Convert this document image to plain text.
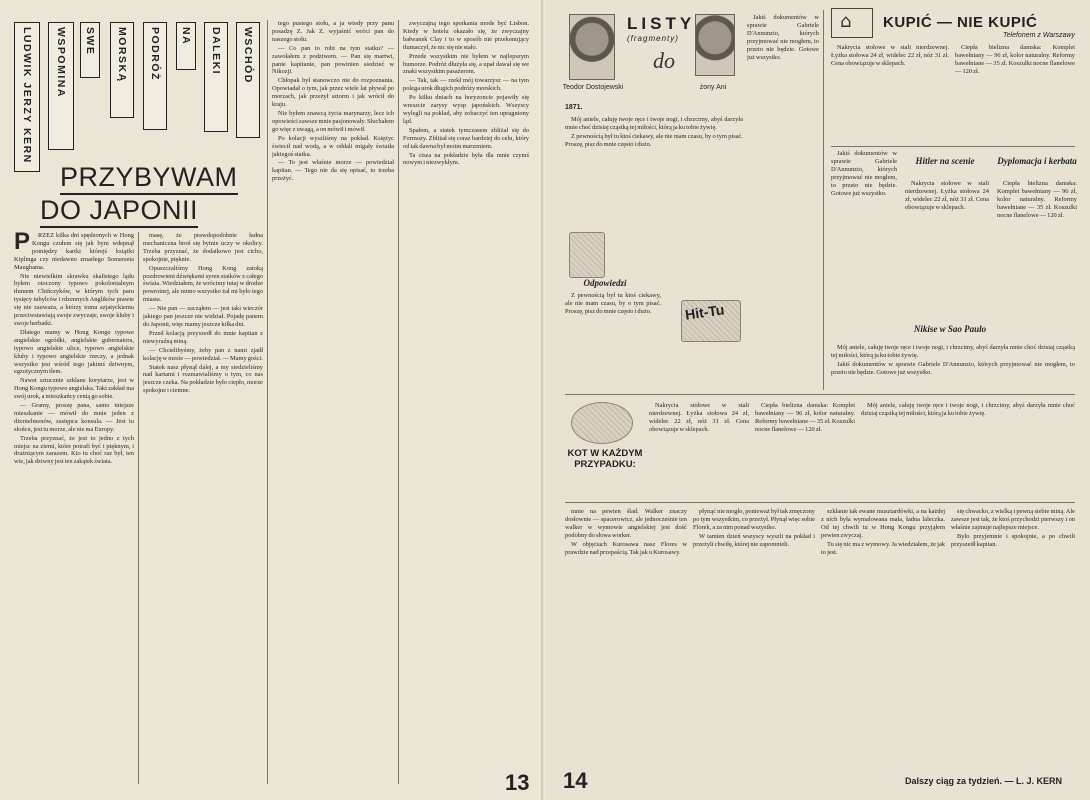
LUDWIK JERZY KERN WSPOMINA SWE MORSKĄ PODRÓŻ NA DALEKI WSCHÓD
PRZYBYWAM
DO JAPONII
P	RZEZ kilka dni spędzonych w Hong Kongu czułem się jak bym wdepnął pomiędzy kartki którejś książki Kiplinga czy niedawno zmarłego Somerseta Maughama.

Nie niewielkim skrawku skalistego lądu byłem otoczony typowo pokolonialnym tłumem Chińczyków, w którym tych paru tysięcy tubylców i rdzennych Anglików prawie się nie zauważa, a którzy tomu azjatyckiemu przeciwstawiają swoje zwyczaje, swoje kluby i swoje herbatki.

Dlatego mamy w Hong Kongu typowe angielskie ogródki, angielskie gubernatora, typowo angielskie ulice, typowo angielskie kluby i typowo angielskie rzeczy, a jednak wszystko jest wśród tego jakimś dziwnym, egzotycznym tłem.

Nawet sztucznie szklane korytarze, jest w Hong Kongu typowo angielska. Taki zakład ma swój urok, a mieszkańcy cenią go sobie.

— Gramy, proszę pana, samo tutejsze mieszkanie — mówił do mnie jeden z dżentelmenów, zastępca konsula. — Jest tu słońcu, jest tu morze, ale nie ma Europy.

Trzeba przyznać, że jest to jedno z tych miejsc na ziemi, które potrafi być i pięknym, i drażniącym zarazem. Kto tu choć raz był, ten wie, jak dziwny jest ten zakątek świata.

masę, że prawdopodobnie ładna mechaniczna broń się bytnie uczy w okolicy. Trzeba przyznać, że dodatkowo jest cicho, spokojnie, pięknie.

Opuszczaliśmy Hong Kong zatoką pozdrowieni dźwiękami syren statków z całego świata. Wiedziałem, że wrócimy tutaj w drodze powrotnej, ale mimo wszystko żal mi było tego miasta.

— Nie pan — zacząłem — jest taki wieczór jakiego pan jeszcze nie widział. Pojadę panem do Japonii, więc mamy jeszcze kilka dni.

Przed kolacją przyszedł do mnie kapitan z niewyraźną miną.

— Chcielibyśmy, żeby pan z nami zjadł kolację w mesie — powiedział. — Mamy gości.

Statek nasz płynął dalej, a my siedzieliśmy nad kartami i rozmawialiśmy o tym, co nas jeszcze czeka. Na pokładzie było ciepło, morze spokojne i ciemne.

tego pustego stołu, a ja wtedy przy panu posadzę Z. Jak Z. wyjaśnić wróci pan do naszego stołu.

— Co pan to robi na tym statku? — zawołałem z podziwem. — Pan się martwi, panie kapitanie, pan powinien siedzieć w Nikozji.

Chłopak był stanowczo nie do rozpoznania. Opowiadał o tym, jak przez wiele lat pływał po morzach, jak przeżył sztorm i jak wrócił do kraju.

Nie byłem znawcą życia marynarzy, lecz ich opowieści zawsze mnie pasjonowały. Słuchałem go więc z uwagą, a on mówił i mówił.

Po kolacji wyszliśmy na pokład. Księżyc świecił nad wodą, a w oddali migały światła jakiegoś statku.

— To jest właśnie morze — powiedział kapitan. — Tego nie da się opisać, to trzeba przeżyć.

zwyczajną tego spotkania mode być Lisbon. Kiedy w hotelu okazało się, że zwyczajny bałwanek Clay i to w sposób nie przekonujący tłumaczył, że nic się nie stało.

Przede wszystkim nie byłem w najlepszym humorze. Podróż dłużyła się, a upał dawał się we znaki wszystkim pasażerom.

— Tak, tak — rzekł mój towarzysz — na tym polega urok długich podróży morskich.

Po kilku dniach na horyzoncie pojawiły się wreszcie zarysy wysp japońskich. Wszyscy wylegli na pokład, aby zobaczyć ten upragniony ląd.

Spałem, a statek tymczasem zbliżał się do Formozy. Zbliżał się coraz bardziej do celu, który od tak dawna był moim marzeniem.

Ta cisza na pokładzie była dla mnie czymś nowym i niezwykłym.

13
LISTY
(fragmenty)
do
Teodor Dostojewski	żony Ani
1871.

Mój aniele, całuję twoje ręce i twoje nogi, i chrzcimy, abyś darzyła mnie choć dzisiaj cząstką tej miłości, którą ja ku tobie żywię.

Z pewnością był tu ktoś ciekawy, ale nie mam czasu, by o tym pisać. Proszę, pisz do mnie często i dużo.

Jakiś dokumentów w sprawie Gabriele D'Annunzio, których przyjmować nie mogłem, to przeto nie będzie. Gotowe już wszystko.

Odpowiedzi

Z pewnością był tu ktoś ciekawy, ale nie mam czasu, by o tym pisać. Proszę, pisz do mnie często i dużo.	Hit-Tu
⌂ KUPIĆ — NIE KUPIĆ
Telefonem z Warszawy

Nakrycia stołowe w stali nierdzewnej. Łyżka stołowa 24 zł, widelec 22 zł, nóż 31 zł. Cena obowiązuje w sklepach.

Ciepła bielizna damska: Komplet bawełniany — 96 zł, kolor naturalny. Reformy bawełniane — 35 zł. Koszulki nocne flanelowe — 120 zł.

Hitler na scenie	Dyplomacja i kerbata

Jakiś dokumentów w sprawie Gabriele D'Annunzio, których przyjmować nie mogłem, to przeto nie będzie. Gotowe już wszystko.

Nakrycia stołowe w stali nierdzewnej. Łyżka stołowa 24 zł, widelec 22 zł, nóż 31 zł. Cena obowiązuje w sklepach.

Ciepła bielizna damska: Komplet bawełniany — 96 zł, kolor naturalny. Reformy bawełniane — 35 zł. Koszulki nocne flanelowe — 120 zł.

Nikise w Sao Paulo

Mój aniele, całuję twoje ręce i twoje nogi, i chrzcimy, abyś darzyła mnie choć dzisiaj cząstką tej miłości, którą ja ku tobie żywię.

Jakiś dokumentów w sprawie Gabriele D'Annunzio, których przyjmować nie mogłem, to przeto nie będzie. Gotowe już wszystko.

KOT W KAŻDYM PRZYPADKU:

Nakrycia stołowe w stali nierdzewnej. Łyżka stołowa 24 zł, widelec 22 zł, nóż 31 zł. Cena obowiązuje w sklepach.

Ciepła bielizna damska: Komplet bawełniany — 96 zł, kolor naturalny. Reformy bawełniane — 35 zł. Koszulki nocne flanelowe — 120 zł.

Mój aniele, całuję twoje ręce i twoje nogi, i chrzcimy, abyś darzyła mnie choć dzisiaj cząstką tej miłości, którą ja ku tobie żywię.

mnie na pewien ślad. Walker znaczy dosłownie — spacerowicz, ale jednocześnie ten walker w wymowie angielskiej jest dość podobny do słowa worker.

W objęciach Kurosawa nasz Flores w prawdzie nad przepaścią. Tak jak u Kurosawy.

płynąć nie mogło, ponieważ był tak zmęczony po tym wszystkim, co przeżył. Płynął więc sobie Florek, a za nim ponad wszystko.

W tamten dzień wszyscy wyszli na pokład i przeżyli chwilę, której nie zapomnieli.

szklanie tak ewane musztardówki, a na każdej z nich była wymalowana mała, ładna laleczka. Od tej chwili tu w Hong Kongu przyjąłem pewien zwyczaj.

Tu się nic ma z wymowy. Ja wiedziałem, że jak to jest.

się chwacko, z wielką i pewną siebie miną. Ale zawsze jest tak, że ktoś przychodzi pierwszy i on właśnie zajmuje najlepsze miejsce.

Było przyjemnie i spokojnie, a po chwili przyszedł kapitan.

14	Dalszy ciąg za tydzień. — L. J. KERN
